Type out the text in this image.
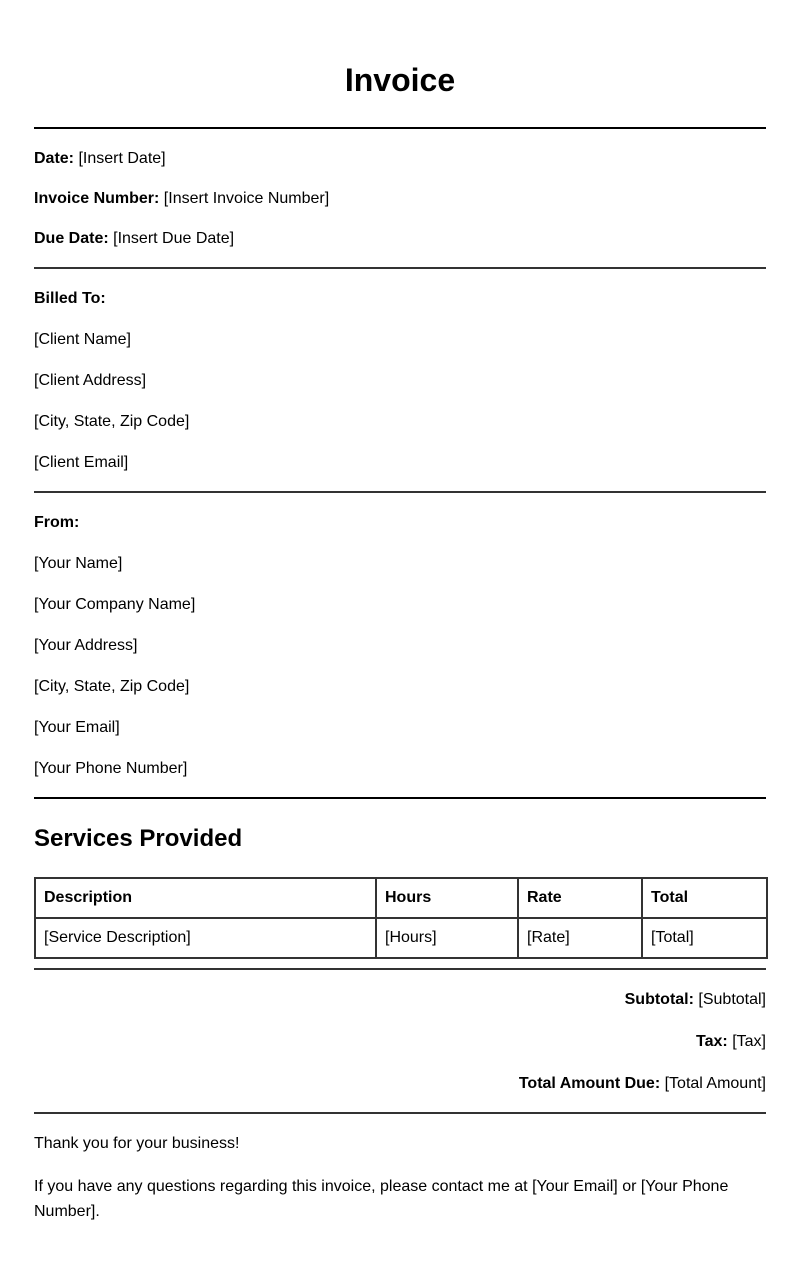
Invoice

Date: [Insert Date]

Invoice Number: [Insert Invoice Number]

Due Date: [Insert Due Date]

Billed To:

[Client Name]

[Client Address]

[City, State, Zip Code]

[Client Email]

From:

[Your Name]

[Your Company Name]

[Your Address]

[City, State, Zip Code]

[Your Email]

[Your Phone Number]

Services Provided
Description	Hours	Rate	Total
[Service Description]	[Hours]	[Rate]	[Total]

Subtotal: [Subtotal]

Tax: [Tax]

Total Amount Due: [Total Amount]

Thank you for your business!

If you have any questions regarding this invoice, please contact me at [Your Email] or [Your Phone Number].
